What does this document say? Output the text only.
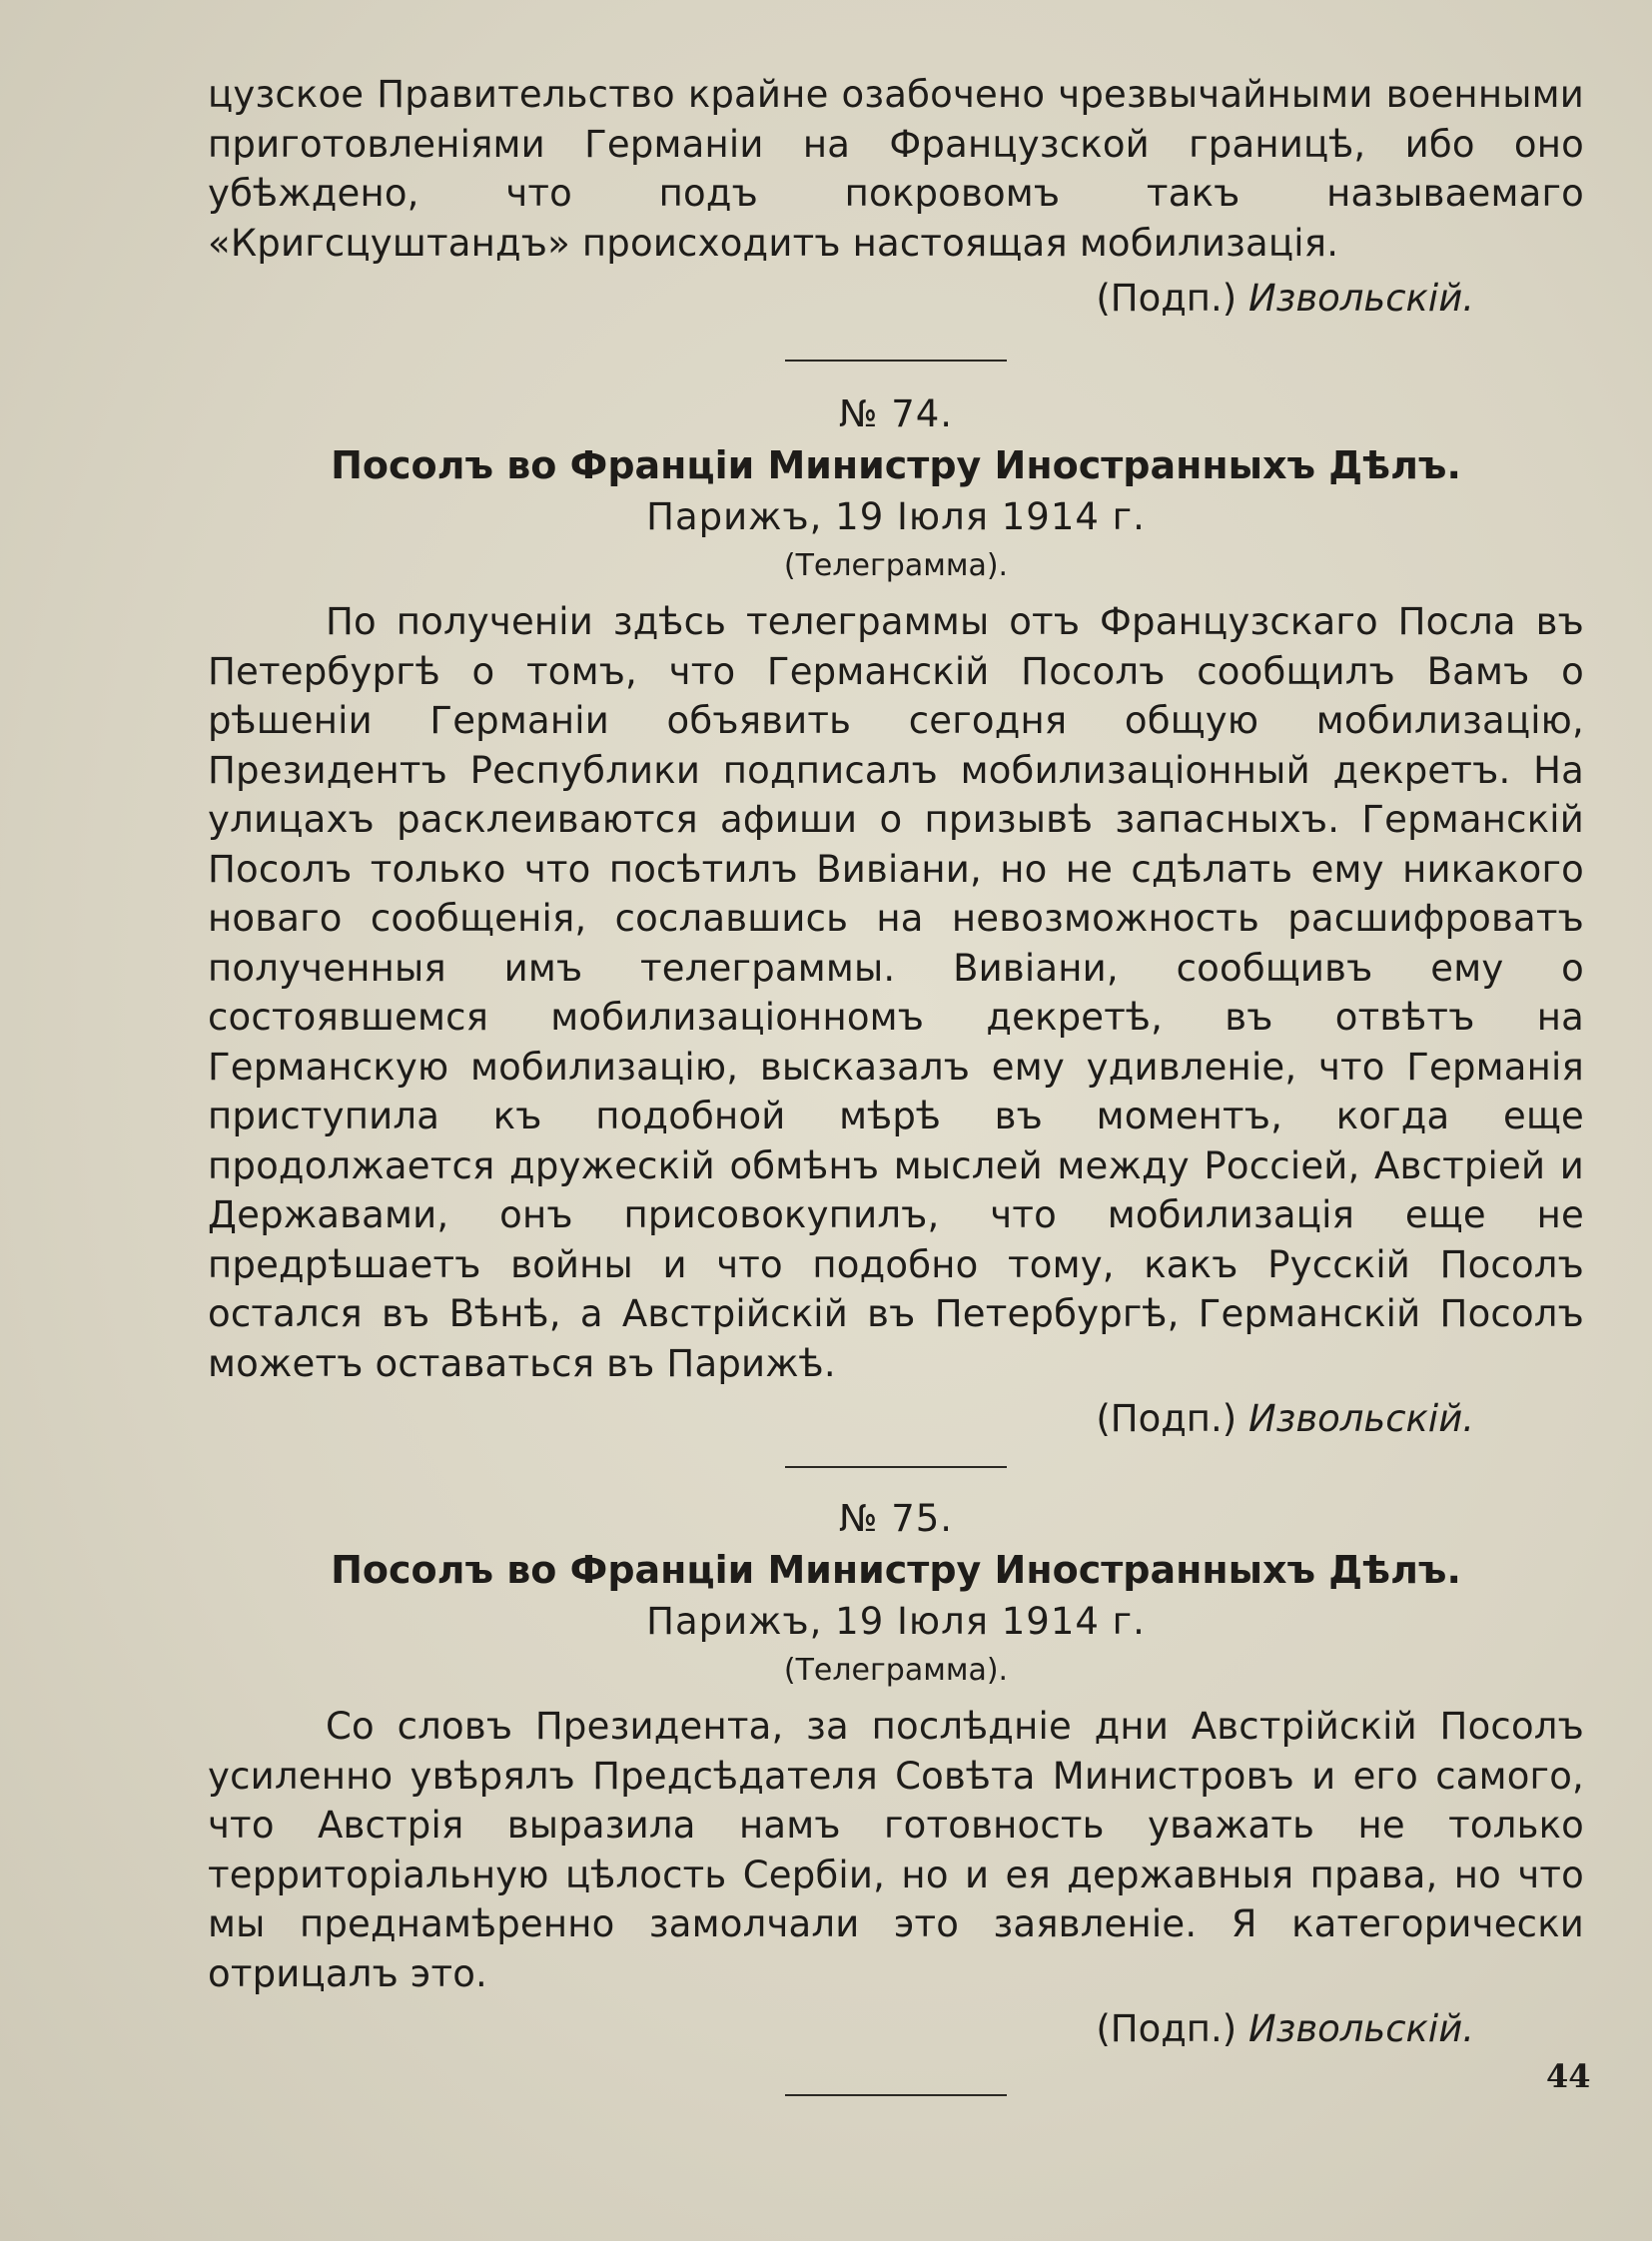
цузское Правительство крайне озабочено чрезвычайными военными приготовленіями Германіи на Французской границѣ, ибо оно убѣждено, что подъ покровомъ такъ называемаго «Кригсцуштандъ» происходитъ настоящая мобилизація.

(Подп.) Извольскій.

№ 74.

Посолъ во Франціи Министру Иностранныхъ Дѣлъ.

Парижъ, 19 Іюля 1914 г.

(Телеграмма).

По полученіи здѣсь телеграммы отъ Французскаго Посла въ Петербургѣ о томъ, что Германскій Посолъ сообщилъ Вамъ о рѣшеніи Германіи объявить сегодня общую мобилизацію, Президентъ Республики подписалъ мобилизаціонный декретъ. На улицахъ расклеиваются афиши о призывѣ запасныхъ. Германскій Посолъ только что посѣтилъ Вивіани, но не сдѣлать ему никакого новаго сообщенія, сославшись на невозможность расшифроватъ полученныя имъ телеграммы. Вивіани, сообщивъ ему о состоявшемся мобилизаціонномъ декретѣ, въ отвѣтъ на Германскую мобилизацію, высказалъ ему удивленіе, что Германія приступила къ подобной мѣрѣ въ моментъ, когда еще продолжается дружескій обмѣнъ мыслей между Россіей, Австріей и Державами, онъ присовокупилъ, что мобилизація еще не предрѣшаетъ войны и что подобно тому, какъ Русскій Посолъ остался въ Вѣнѣ, а Австрійскій въ Петербургѣ, Германскій Посолъ можетъ оставаться въ Парижѣ.

(Подп.) Извольскій.

№ 75.

Посолъ во Франціи Министру Иностранныхъ Дѣлъ.

Парижъ, 19 Іюля 1914 г.

(Телеграмма).

Со словъ Президента, за послѣдніе дни Австрійскій Посолъ усиленно увѣрялъ Предсѣдателя Совѣта Министровъ и его самого, что Австрія выразила намъ готовность уважать не только территоріальную цѣлость Сербіи, но и ея державныя права, но что мы преднамѣренно замолчали это заявленіе. Я категорически отрицалъ это.

(Подп.) Извольскій.

44
